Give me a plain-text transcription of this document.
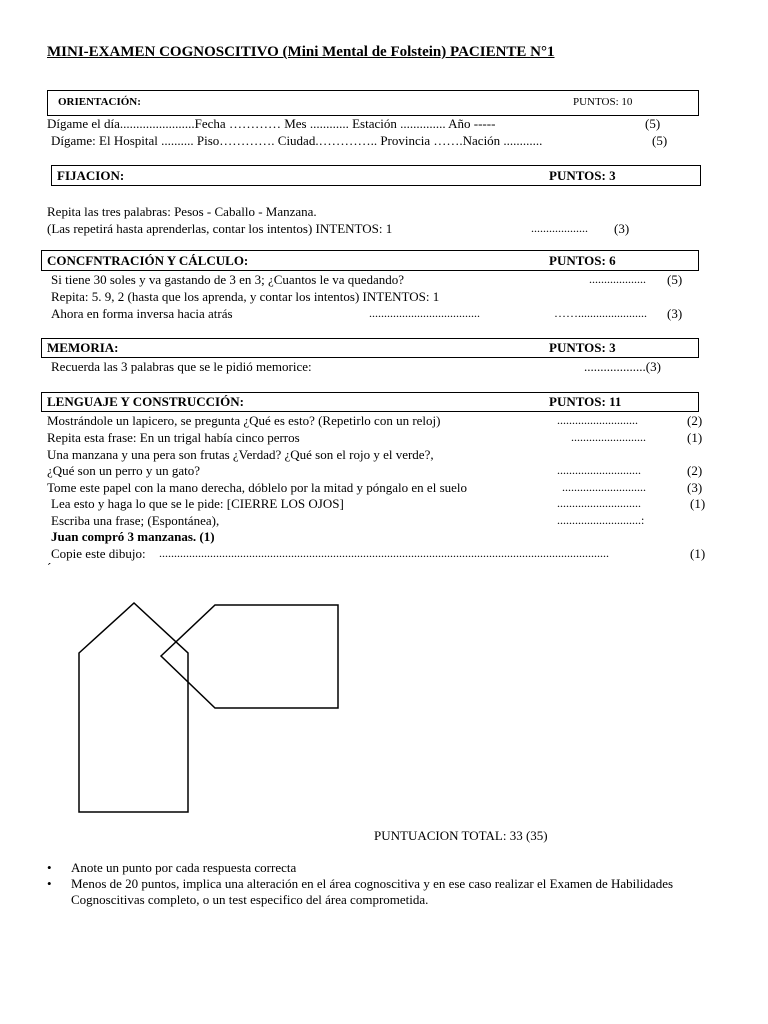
MINI-EXAMEN COGNOSCITIVO (Mini Mental de Folstein) PACIENTE N°1
ORIENTACIÓN:	PUNTOS: 10
Dígame el día.......................Fecha ………… Mes ............ Estación .............. Año -----	(5)
Dígame: El Hospital .......... Piso…………. Ciudad.………….. Provincia …….Nación ............	(5)
FIJACION:	PUNTOS: 3
Repita las tres palabras: Pesos - Caballo - Manzana.
(Las repetirá hasta aprenderlas, contar los intentos) INTENTOS: 1	................... (3)
CONCFNTRACIÓN Y CÁLCULO:	PUNTOS: 6
Si tiene 30 soles y va gastando de 3 en 3; ¿Cuantos le va quedando?	................... (5)
Repita: 5. 9, 2 (hasta que los aprenda, y contar los intentos) INTENTOS: 1
Ahora en forma inversa hacia atrás	.....................................	……....................... (3)
MEMORIA:	PUNTOS: 3
Recuerda las 3 palabras que se le pidió memorice:	...................(3)
LENGUAJE Y CONSTRUCCIÓN:	PUNTOS: 11
Mostrándole un lapicero, se pregunta ¿Qué es esto? (Repetirlo con un reloj)	...........................	(2)
Repita esta frase: En un trigal había cinco perros	.........................	(1)
Una manzana y una pera son frutas ¿Verdad? ¿Qué son el rojo y el verde?,
¿Qué son un perro y un gato?	............................	(2)
Tome este papel con la mano derecha, dóblelo por la mitad y póngalo en el suelo	............................	(3)
Lea esto y haga lo que se le pide: [CIERRE LOS OJOS]	............................	(1)
Escriba una frase; (Espontánea),	............................:
Juan compró 3 manzanas. (1)
Copie este dibujo: ......................................................................................................................................................	(1)
´
PUNTUACION TOTAL: 33 (35)
• Anote un punto por cada respuesta correcta
• Menos de 20 puntos, implica una alteración en el área cognoscitiva y en ese caso realizar el Examen de Habilidades Cognoscitivas completo, o un test especifico del área comprometida.
